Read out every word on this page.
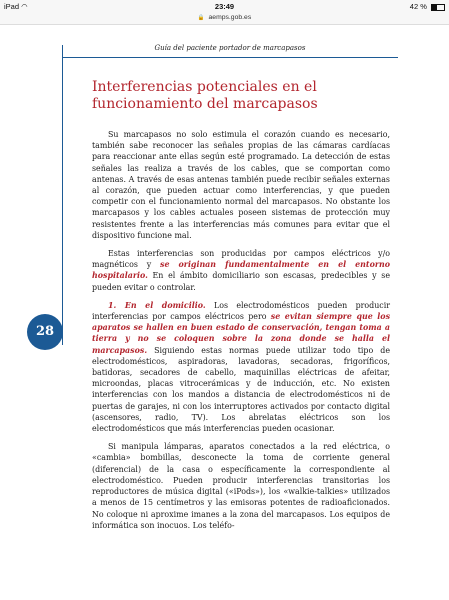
iPad ◠	23:49	42 %
🔒 aemps.gob.es
Guía del paciente portador de marcapasos
28
Interferencias potenciales en el funcionamiento del marcapasos

Su marcapasos no solo estimula el corazón cuando es necesario, también sabe reconocer las señales propias de las cámaras cardíacas para reaccionar ante ellas según esté programado. La detección de estas señales las realiza a través de los cables, que se comportan como antenas. A través de esas antenas también puede recibir señales externas al corazón, que pueden actuar como interferencias, y que pueden competir con el funcionamiento normal del marcapasos. No obstante los marcapasos y los cables actuales poseen sistemas de protección muy resistentes frente a las interferencias más comunes para evitar que el dispositivo funcione mal.

Estas interferencias son producidas por campos eléctricos y/o magnéticos y se originan fundamentalmente en el entorno hospitalario. En el ámbito domiciliario son escasas, predecibles y se pueden evitar o controlar.

1. En el domicilio. Los electrodomésticos pueden producir interferencias por campos eléctricos pero se evitan siempre que los aparatos se hallen en buen estado de conservación, tengan toma a tierra y no se coloquen sobre la zona donde se halla el marcapasos. Siguiendo estas normas puede utilizar todo tipo de electrodomésticos, aspiradoras, lavadoras, secadoras, frigoríficos, batidoras, secadores de cabello, maquinillas eléctricas de afeitar, microondas, placas vitrocerámicas y de inducción, etc. No existen interferencias con los mandos a distancia de electrodomésticos ni de puertas de garajes, ni con los interruptores activados por contacto digital (ascensores, radio, TV). Los abrelatas eléctricos son los electrodomésticos que más interferencias pueden ocasionar.

Si manipula lámparas, aparatos conectados a la red eléctrica, o «cambia» bombillas, desconecte la toma de corriente general (diferencial) de la casa o específicamente la correspondiente al electrodoméstico. Pueden producir interferencias transitorias los reproductores de música digital («iPods»), los «walkie-talkies» utilizados a menos de 15 centímetros y las emisoras potentes de radioaficionados. No coloque ni aproxime imanes a la zona del marcapasos. Los equipos de informática son inocuos. Los teléfo-
